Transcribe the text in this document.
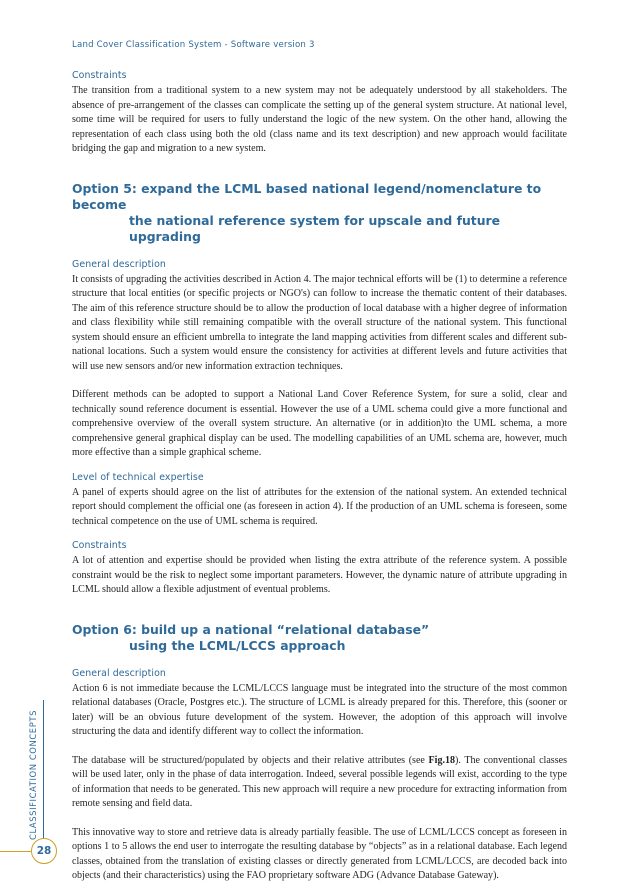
Land Cover Classification System - Software version 3
Constraints

The transition from a traditional system to a new system may not be adequately understood by all stakeholders. The absence of pre-arrangement of the classes can complicate the setting up of the general system structure. At national level, some time will be required for users to fully understand the logic of the new system. On the other hand, allowing the representation of each class using both the old (class name and its text description) and new approach would facilitate bridging the gap and migration to a new system.

Option 5: expand the LCML based national legend/nomenclature to become
the national reference system for upscale and future upgrading
General description

It consists of upgrading the activities described in Action 4. The major technical efforts will be (1) to determine a reference structure that local entities (or specific projects or NGO's) can follow to increase the thematic content of their databases. The aim of this reference structure should be to allow the production of local database with a higher degree of information and class flexibility while still remaining compatible with the overall structure of the national system. This functional system should ensure an efficient umbrella to integrate the land mapping activities from different scales and different sub-national locations. Such a system would ensure the consistency for activities at different levels and future activities that will use new sensors and/or new information extraction techniques.

Different methods can be adopted to support a National Land Cover Reference System, for sure a solid, clear and technically sound reference document is essential. However the use of a UML schema could give a more functional and comprehensive overview of the overall system structure. An alternative (or in addition)to the UML schema, a more comprehensive general graphical display can be used. The modelling capabilities of an UML schema are, however, much more effective than a simple graphical scheme.

Level of technical expertise

A panel of experts should agree on the list of attributes for the extension of the national system. An extended technical report should complement the official one (as foreseen in action 4). If the production of an UML schema is foreseen, some technical competence on the use of UML schema is required.

Constraints

A lot of attention and expertise should be provided when listing the extra attribute of the reference system. A possible constraint would be the risk to neglect some important parameters. However, the dynamic nature of attribute upgrading in LCML should allow a flexible adjustment of eventual problems.

Option 6: build up a national “relational database”
using the LCML/LCCS approach
General description

Action 6 is not immediate because the LCML/LCCS language must be integrated into the structure of the most common relational databases (Oracle, Postgres etc.). The structure of LCML is already prepared for this. Therefore, this (sooner or later) will be an obvious future development of the system. However, the adoption of this approach will involve structuring the data and identify different way to collect the information.

The database will be structured/populated by objects and their relative attributes (see Fig.18). The conventional classes will be used later, only in the phase of data interrogation. Indeed, several possible legends will exist, according to the type of information that needs to be generated. This new approach will require a new procedure for extracting information from remote sensing and field data.

This innovative way to store and retrieve data is already partially feasible. The use of LCML/LCCS concept as foreseen in options 1 to 5 allows the end user to interrogate the resulting database by “objects” as in a relational database. Each legend classes, obtained from the translation of existing classes or directly generated from LCML/LCCS, are decoded back into objects (and their characteristics) using the FAO proprietary software ADG (Advance Database Gateway).

CLASSIFICATION CONCEPTS
28
